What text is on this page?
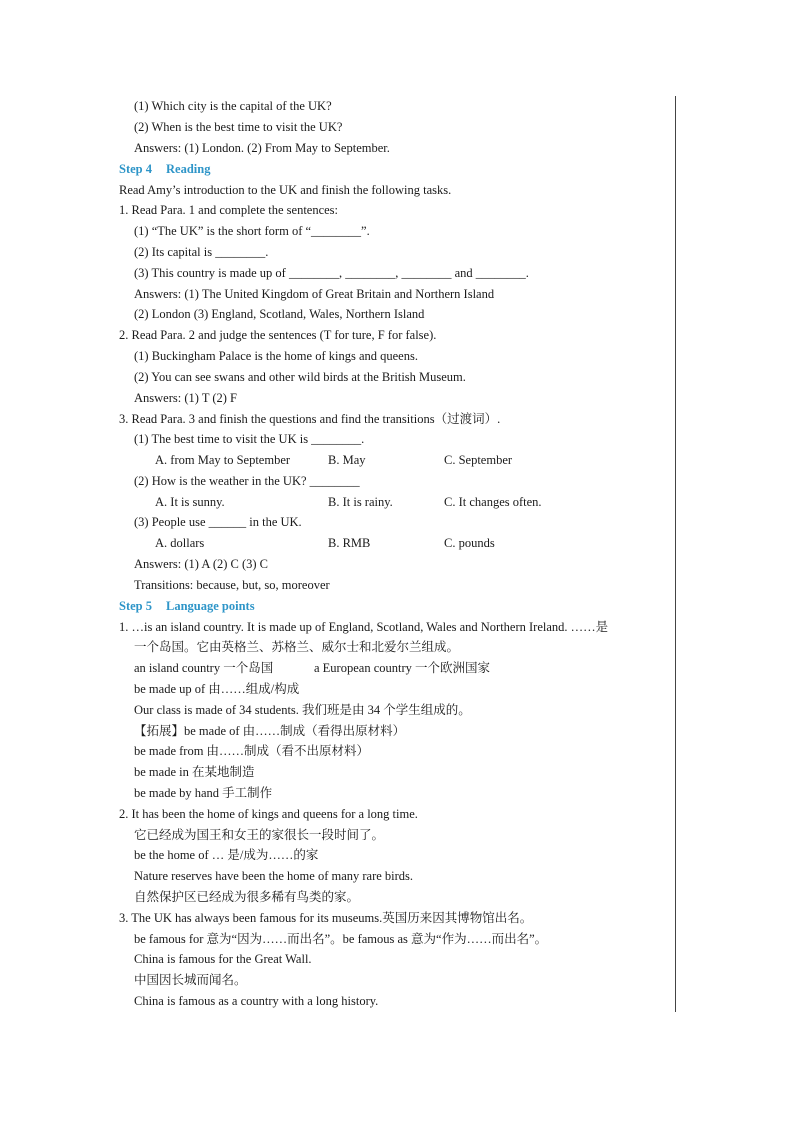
(1) Which city is the capital of the UK?
(2) When is the best time to visit the UK?
Answers: (1) London. (2) From May to September.
Step 4 Reading
Read Amy’s introduction to the UK and finish the following tasks.
1. Read Para. 1 and complete the sentences:
(1) “The UK” is the short form of “________”.
(2) Its capital is ________.
(3) This country is made up of ________, ________, ________ and ________.
Answers: (1) The United Kingdom of Great Britain and Northern Island
(2) London (3) England, Scotland, Wales, Northern Island
2. Read Para. 2 and judge the sentences (T for ture, F for false).
(1) Buckingham Palace is the home of kings and queens.
(2) You can see swans and other wild birds at the British Museum.
Answers: (1) T (2) F
3. Read Para. 3 and finish the questions and find the transitions（过渡词）.
(1) The best time to visit the UK is ________.
A. from May to September	B. May	C. September
(2) How is the weather in the UK? ________
A. It is sunny.	B. It is rainy.	C. It changes often.
(3) People use ______ in the UK.
A. dollars	B. RMB	C. pounds
Answers: (1) A (2) C (3) C
Transitions: because, but, so, moreover
Step 5 Language points
1. …is an island country. It is made up of England, Scotland, Wales and Northern Ireland. ……是
一个岛国。它由英格兰、苏格兰、威尔士和北爱尔兰组成。
an island country 一个岛国	a European country 一个欧洲国家
be made up of 由……组成/构成
Our class is made of 34 students. 我们班是由 34 个学生组成的。
【拓展】be made of 由……制成（看得出原材料）
be made from 由……制成（看不出原材料）
be made in 在某地制造
be made by hand 手工制作
2. It has been the home of kings and queens for a long time.
它已经成为国王和女王的家很长一段时间了。
be the home of … 是/成为……的家
Nature reserves have been the home of many rare birds.
自然保护区已经成为很多稀有鸟类的家。
3. The UK has always been famous for its museums.英国历来因其博物馆出名。
be famous for 意为“因为……而出名”。be famous as 意为“作为……而出名”。
China is famous for the Great Wall.
中国因长城而闻名。
China is famous as a country with a long history.
